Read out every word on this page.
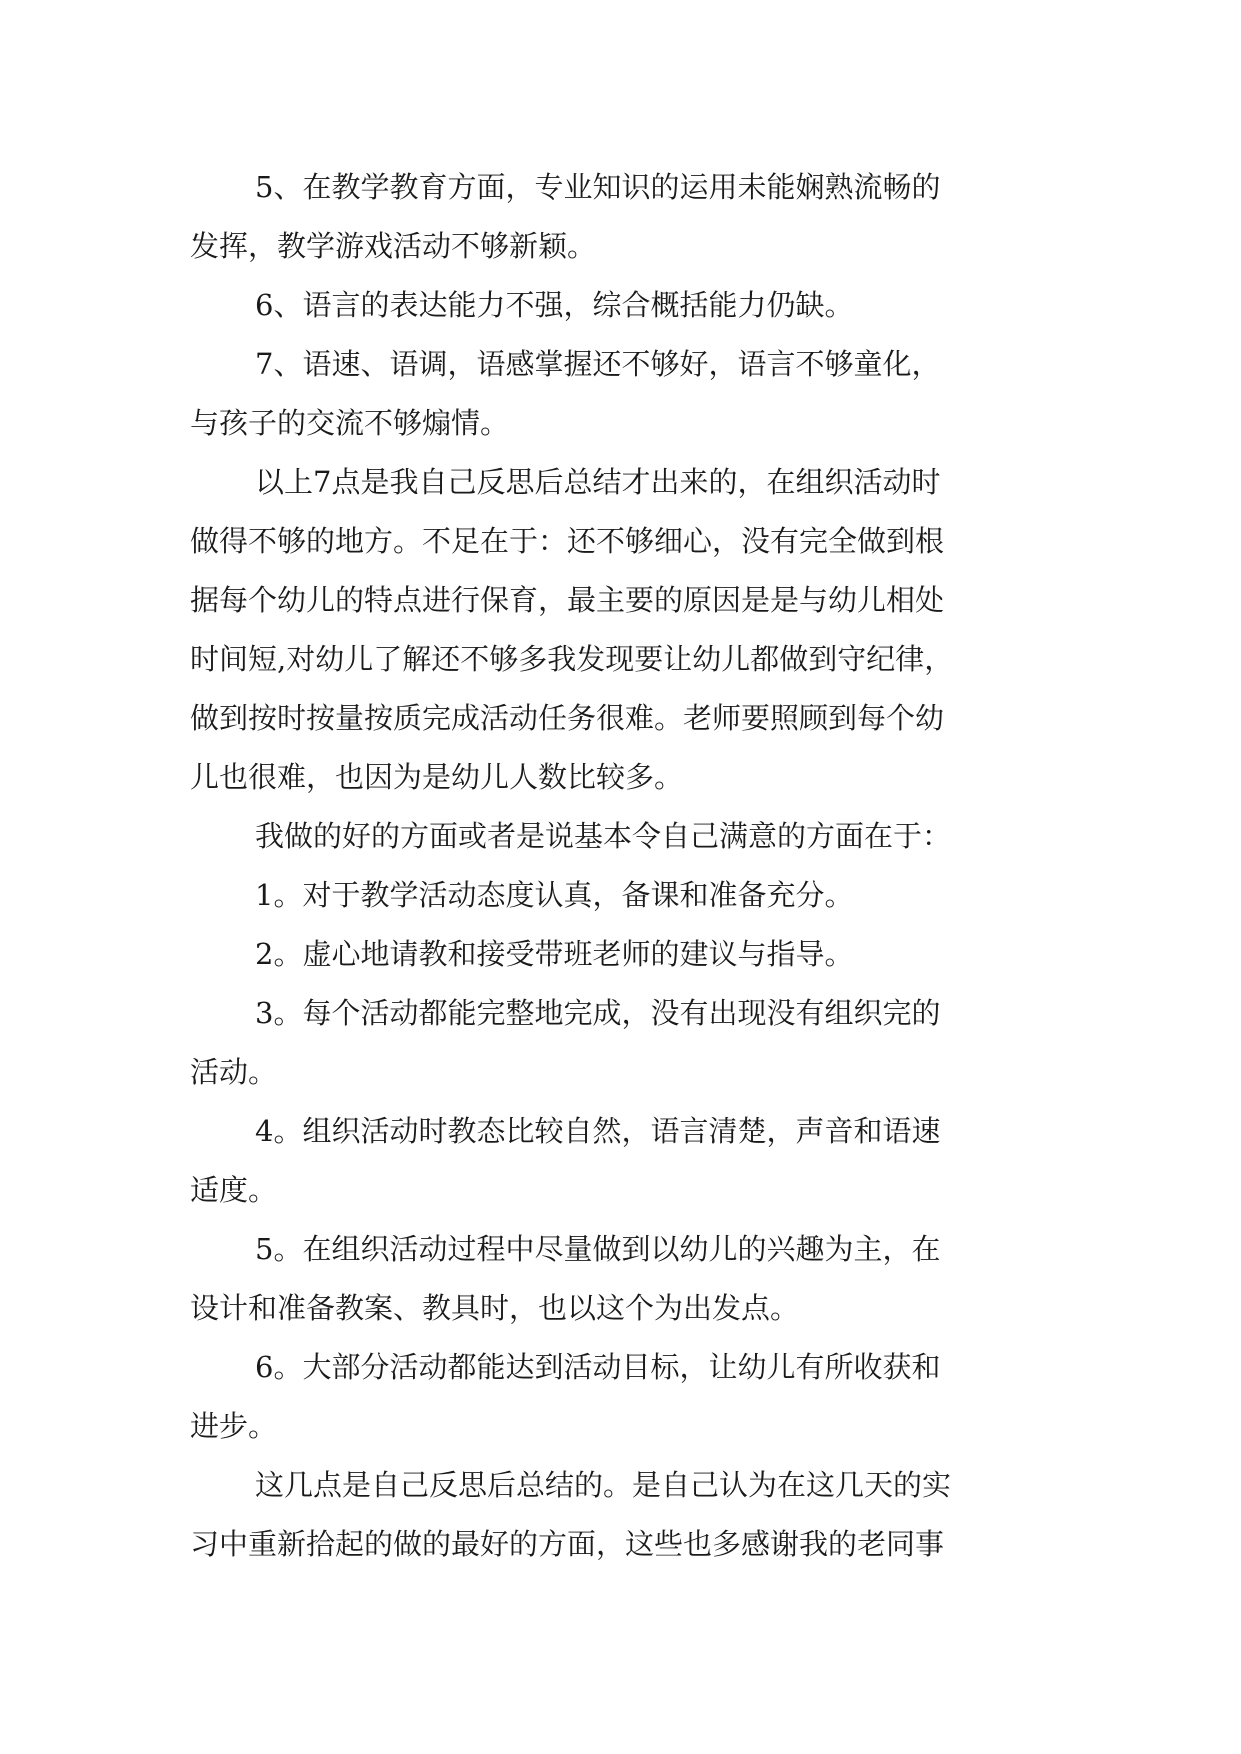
5、在教学教育方面，专业知识的运用未能娴熟流畅的
发挥，教学游戏活动不够新颖。
6、语言的表达能力不强，综合概括能力仍缺。
7、语速、语调，语感掌握还不够好，语言不够童化，
与孩子的交流不够煽情。
以上7点是我自己反思后总结才出来的，在组织活动时
做得不够的地方。不足在于：还不够细心，没有完全做到根
据每个幼儿的特点进行保育，最主要的原因是是与幼儿相处
时间短,对幼儿了解还不够多我发现要让幼儿都做到守纪律，
做到按时按量按质完成活动任务很难。老师要照顾到每个幼
儿也很难，也因为是幼儿人数比较多。
我做的好的方面或者是说基本令自己满意的方面在于：
1。对于教学活动态度认真，备课和准备充分。
2。虚心地请教和接受带班老师的建议与指导。
3。每个活动都能完整地完成，没有出现没有组织完的
活动。
4。组织活动时教态比较自然，语言清楚，声音和语速
适度。
5。在组织活动过程中尽量做到以幼儿的兴趣为主，在
设计和准备教案、教具时，也以这个为出发点。
6。大部分活动都能达到活动目标，让幼儿有所收获和
进步。
这几点是自己反思后总结的。是自己认为在这几天的实
习中重新拾起的做的最好的方面，这些也多感谢我的老同事
